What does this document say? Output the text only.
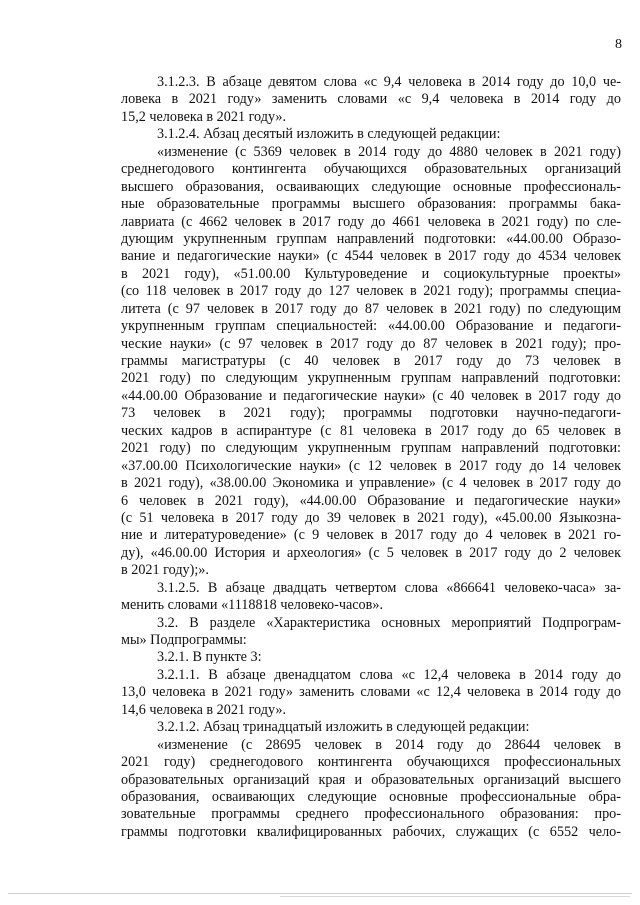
8
3.1.2.3. В абзаце девятом слова «с 9,4 человека в 2014 году до 10,0 че-
ловека в 2021 году» заменить словами «с 9,4 человека в 2014 году до
15,2 человека в 2021 году».
3.1.2.4. Абзац десятый изложить в следующей редакции:
«изменение (с 5369 человек в 2014 году до 4880 человек в 2021 году)
среднегодового контингента обучающихся образовательных организаций
высшего образования, осваивающих следующие основные профессиональ-
ные образовательные программы высшего образования: программы бака-
лавриата (с 4662 человек в 2017 году до 4661 человека в 2021 году) по сле-
дующим укрупненным группам направлений подготовки: «44.00.00 Образо-
вание и педагогические науки» (с 4544 человек в 2017 году до 4534 человек
в 2021 году), «51.00.00 Культуроведение и социокультурные проекты»
(со 118 человек в 2017 году до 127 человек в 2021 году); программы специа-
литета (с 97 человек в 2017 году до 87 человек в 2021 году) по следующим
укрупненным группам специальностей: «44.00.00 Образование и педагоги-
ческие науки» (с 97 человек в 2017 году до 87 человек в 2021 году); про-
граммы магистратуры (с 40 человек в 2017 году до 73 человек в
2021 году) по следующим укрупненным группам направлений подготовки:
«44.00.00 Образование и педагогические науки» (с 40 человек в 2017 году до
73 человек в 2021 году); программы подготовки научно-педагоги-
ческих кадров в аспирантуре (с 81 человека в 2017 году до 65 человек в
2021 году) по следующим укрупненным группам направлений подготовки:
«37.00.00 Психологические науки» (с 12 человек в 2017 году до 14 человек
в 2021 году), «38.00.00 Экономика и управление» (с 4 человек в 2017 году до
6 человек в 2021 году), «44.00.00 Образование и педагогические науки»
(с 51 человека в 2017 году до 39 человек в 2021 году), «45.00.00 Языкозна-
ние и литературоведение» (с 9 человек в 2017 году до 4 человек в 2021 го-
ду), «46.00.00 История и археология» (с 5 человек в 2017 году до 2 человек
в 2021 году);».
3.1.2.5. В абзаце двадцать четвертом слова «866641 человеко-часа» за-
менить словами «1118818 человеко-часов».
3.2. В разделе «Характеристика основных мероприятий Подпрограм-
мы» Подпрограммы:
3.2.1. В пункте 3:
3.2.1.1. В абзаце двенадцатом слова «с 12,4 человека в 2014 году до
13,0 человека в 2021 году» заменить словами «с 12,4 человека в 2014 году до
14,6 человека в 2021 году».
3.2.1.2. Абзац тринадцатый изложить в следующей редакции:
«изменение (с 28695 человек в 2014 году до 28644 человек в
2021 году) среднегодового контингента обучающихся профессиональных
образовательных организаций края и образовательных организаций высшего
образования, осваивающих следующие основные профессиональные обра-
зовательные программы среднего профессионального образования: про-
граммы подготовки квалифицированных рабочих, служащих (с 6552 чело-
